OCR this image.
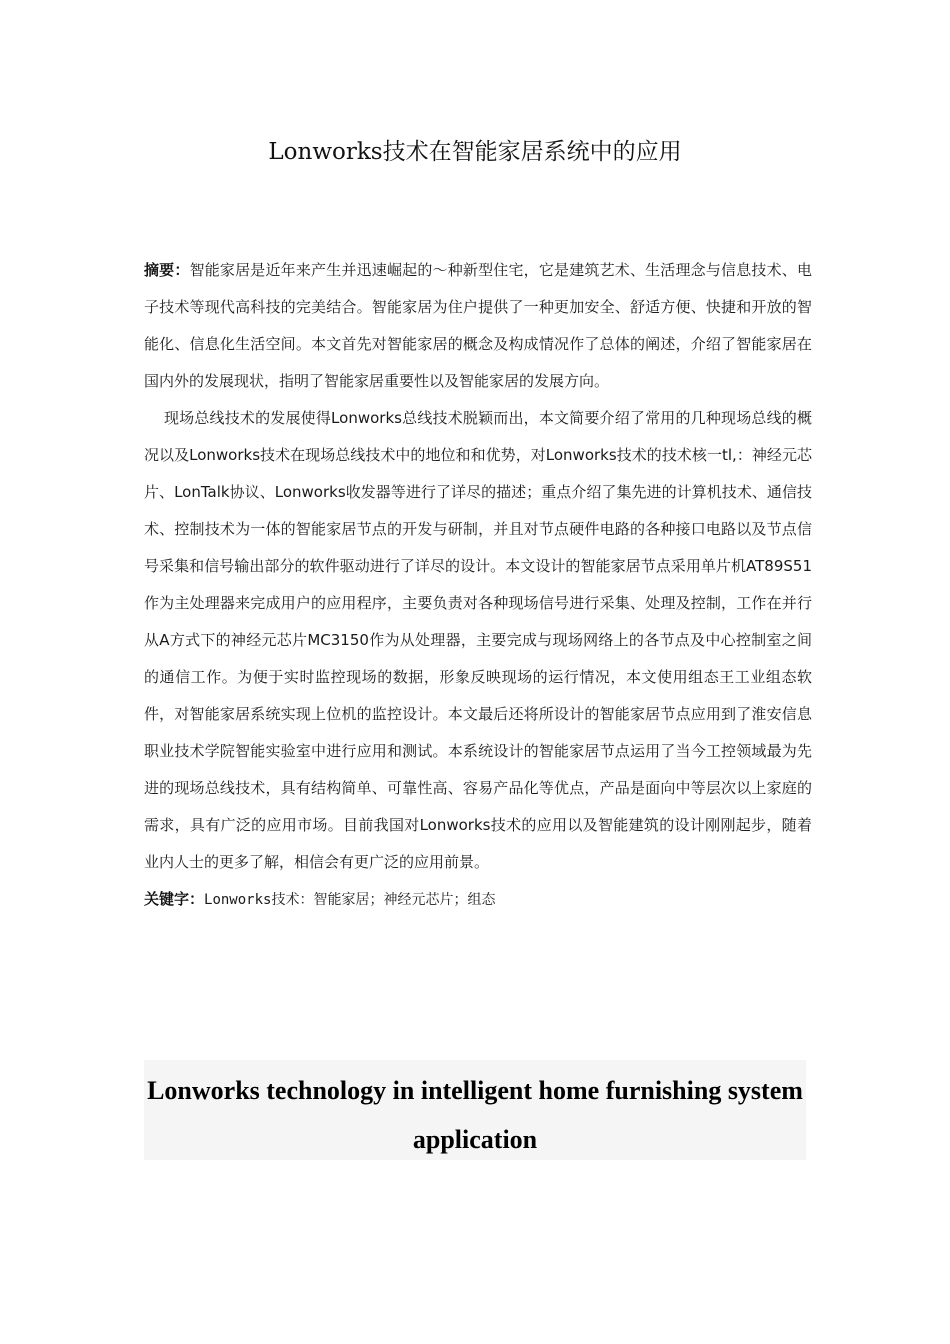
Lonworks技术在智能家居系统中的应用

摘要：智能家居是近年来产生并迅速崛起的～种新型住宅，它是建筑艺术、生活理念与信息技术、电子技术等现代高科技的完美结合。智能家居为住户提供了一种更加安全、舒适方便、快捷和开放的智能化、信息化生活空间。本文首先对智能家居的概念及构成情况作了总体的阐述，介绍了智能家居在国内外的发展现状，指明了智能家居重要性以及智能家居的发展方向。

现场总线技术的发展使得Lonworks总线技术脱颖而出，本文简要介绍了常用的几种现场总线的概况以及Lonworks技术在现场总线技术中的地位和和优势，对Lonworks技术的技术核一tl,：神经元芯片、LonTalk协议、Lonworks收发器等进行了详尽的描述；重点介绍了集先进的计算机技术、通信技术、控制技术为一体的智能家居节点的开发与研制，并且对节点硬件电路的各种接口电路以及节点信号采集和信号输出部分的软件驱动进行了详尽的设计。本文设计的智能家居节点采用单片机AT89S51作为主处理器来完成用户的应用程序，主要负责对各种现场信号进行采集、处理及控制，工作在并行从A方式下的神经元芯片MC3150作为从处理器，主要完成与现场网络上的各节点及中心控制室之间的通信工作。为便于实时监控现场的数据，形象反映现场的运行情况，本文使用组态王工业组态软件，对智能家居系统实现上位机的监控设计。本文最后还将所设计的智能家居节点应用到了淮安信息职业技术学院智能实验室中进行应用和测试。本系统设计的智能家居节点运用了当今工控领域最为先进的现场总线技术，具有结构简单、可靠性高、容易产品化等优点，产品是面向中等层次以上家庭的需求，具有广泛的应用市场。目前我国对Lonworks技术的应用以及智能建筑的设计刚刚起步，随着业内人士的更多了解，相信会有更广泛的应用前景。

关键字：Lonworks技术：智能家居；神经元芯片；组态

Lonworks technology in intelligent home furnishing system application
